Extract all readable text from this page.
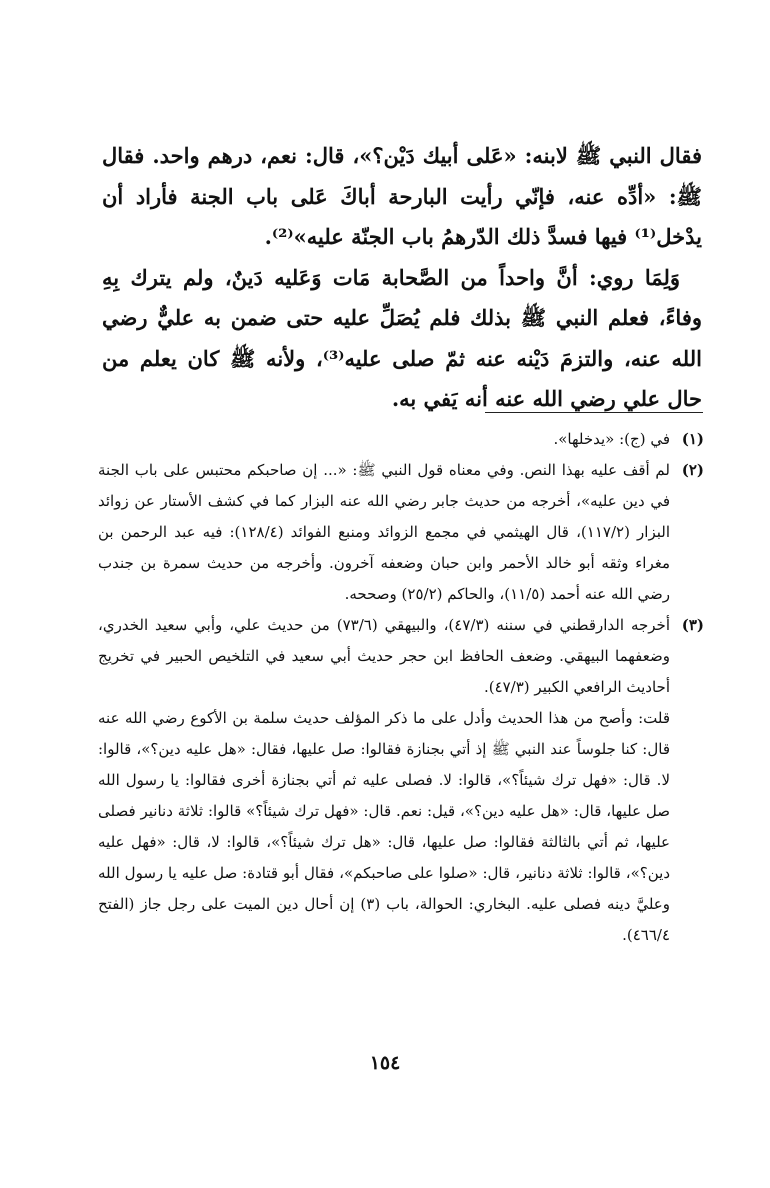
فقال النبي ﷺ لابنه: «عَلى أبيك دَيْن؟»، قال: نعم، درهم واحد. فقال ﷺ: «أدِّه عنه، فإنّي رأيت البارحة أباكَ عَلى باب الجنة فأراد أن يدْخل⁽¹⁾ فيها فسدَّ ذلك الدّرهمُ باب الجنّة عليه»⁽²⁾.

وَلِمَا روي: أنَّ واحداً من الصَّحابة مَات وَعَليه دَينٌ، ولم يترك بِهِ وفاءً، فعلم النبي ﷺ بذلك فلم يُصَلِّ عليه حتى ضمن به عليٌّ رضي الله عنه، والتزمَ دَيْنه عنه ثمّ صلى عليه⁽³⁾، ولأنه ﷺ كان يعلم من حال علي رضي الله عنه أنه يَفي به.

(١)

في (ج): «يدخلها».

(٢)

لم أقف عليه بهذا النص. وفي معناه قول النبي ﷺ: «... إن صاحبكم محتبس على باب الجنة في دين عليه»، أخرجه من حديث جابر رضي الله عنه البزار كما في كشف الأستار عن زوائد البزار (١١٧/٢)، قال الهيثمي في مجمع الزوائد ومنبع الفوائد (١٢٨/٤): فيه عبد الرحمن بن مغراء وثقه أبو خالد الأحمر وابن حبان وضعفه آخرون. وأخرجه من حديث سمرة بن جندب رضي الله عنه أحمد (١١/٥)، والحاكم (٢٥/٢) وصححه.

(٣)

أخرجه الدارقطني في سننه (٤٧/٣)، والبيهقي (٧٣/٦) من حديث علي، وأبي سعيد الخدري، وضعفهما البيهقي. وضعف الحافظ ابن حجر حديث أبي سعيد في التلخيص الحبير في تخريج أحاديث الرافعي الكبير (٤٧/٣).

قلت: وأصح من هذا الحديث وأدل على ما ذكر المؤلف حديث سلمة بن الأكوع رضي الله عنه قال: كنا جلوساً عند النبي ﷺ إذ أتي بجنازة فقالوا: صل عليها، فقال: «هل عليه دين؟»، قالوا: لا. قال: «فهل ترك شيئاً؟»، قالوا: لا. فصلى عليه ثم أتي بجنازة أخرى فقالوا: يا رسول الله صل عليها، قال: «هل عليه دين؟»، قيل: نعم. قال: «فهل ترك شيئاً؟» قالوا: ثلاثة دنانير فصلى عليها، ثم أتي بالثالثة فقالوا: صل عليها، قال: «هل ترك شيئاً؟»، قالوا: لا، قال: «فهل عليه دين؟»، قالوا: ثلاثة دنانير، قال: «صلوا على صاحبكم»، فقال أبو قتادة: صل عليه يا رسول الله وعليَّ دينه فصلى عليه. البخاري: الحوالة، باب (٣) إن أحال دين الميت على رجل جاز (الفتح ٤٦٦/٤).

١٥٤
